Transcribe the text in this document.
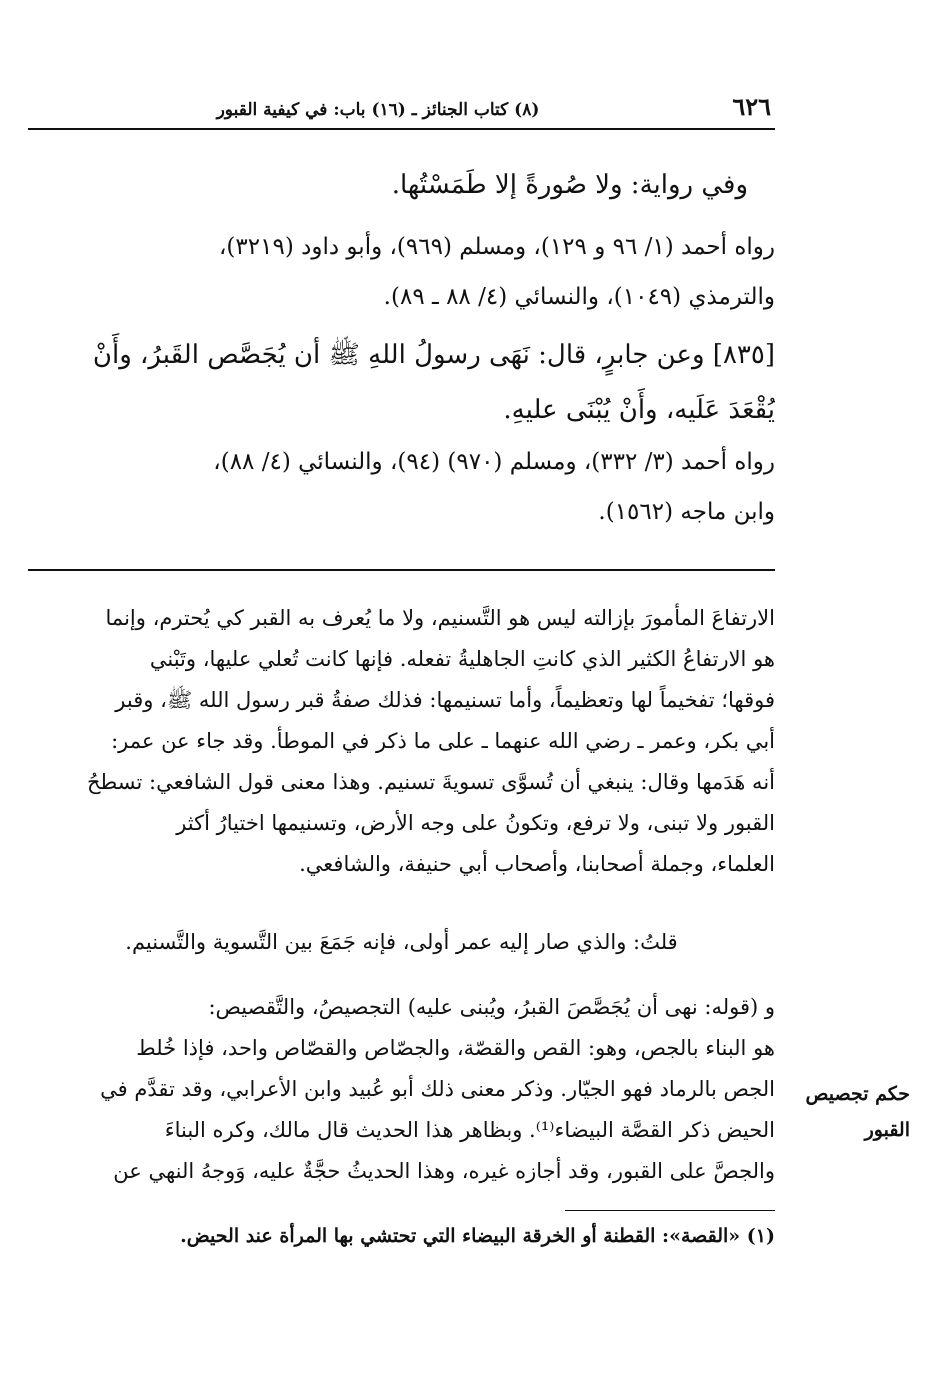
٦٢٦
(٨) كتاب الجنائز ـ (١٦) باب: في كيفية القبور
وفي رواية: ولا صُورةً إلا طَمَسْتُها.
رواه أحمد (١/ ٩٦ و ١٢٩)، ومسلم (٩٦٩)، وأبو داود (٣٢١٩)،
والترمذي (١٠٤٩)، والنسائي (٤/ ٨٨ ـ ٨٩).
[٨٣٥] وعن جابرٍ، قال: نَهَى رسولُ اللهِ ﷺ أن يُجَصَّص القَبرُ، وأَنْ
يُقْعَدَ عَلَيه، وأَنْ يُبْنَى عليهِ.
رواه أحمد (٣/ ٣٣٢)، ومسلم (٩٧٠) (٩٤)، والنسائي (٤/ ٨٨)،
وابن ماجه (١٥٦٢).
الارتفاعَ المأمورَ بإزالته ليس هو التَّسنيم، ولا ما يُعرف به القبر كي يُحترم، وإنما
هو الارتفاعُ الكثير الذي كانتِ الجاهليةُ تفعله. فإنها كانت تُعلي عليها، وتَبْني
فوقها؛ تفخيماً لها وتعظيماً، وأما تسنيمها: فذلك صفةُ قبر رسول الله ﷺ، وقبر
أبي بكر، وعمر ـ رضي الله عنهما ـ على ما ذكر في الموطأ. وقد جاء عن عمر:
أنه هَدَمها وقال: ينبغي أن تُسوَّى تسويةَ تسنيم. وهذا معنى قول الشافعي: تسطحُ
القبور ولا تبنى، ولا ترفع، وتكونُ على وجه الأرض، وتسنيمها اختيارُ أكثر
العلماء، وجملة أصحابنا، وأصحاب أبي حنيفة، والشافعي.
قلتُ: والذي صار إليه عمر أولى، فإنه جَمَعَ بين التَّسوية والتَّسنيم.
و (قوله: نهى أن يُجَصَّصَ القبرُ، ويُبنى عليه) التجصيصُ، والتَّقصيص:
هو البناء بالجص، وهو: القص والقصّة، والجصّاص والقصّاص واحد، فإذا خُلط
الجص بالرماد فهو الجيّار. وذكر معنى ذلك أبو عُبيد وابن الأعرابي، وقد تقدَّم في
الحيض ذكر القصَّة البيضاء⁽¹⁾. وبظاهر هذا الحديث قال مالك، وكره البناءَ
والجصَّ على القبور، وقد أجازه غيره، وهذا الحديثُ حجَّةٌ عليه، وَوجهُ النهي عن
حكم تجصيص القبور
(١) «القصة»: القطنة أو الخرقة البيضاء التي تحتشي بها المرأة عند الحيض.
